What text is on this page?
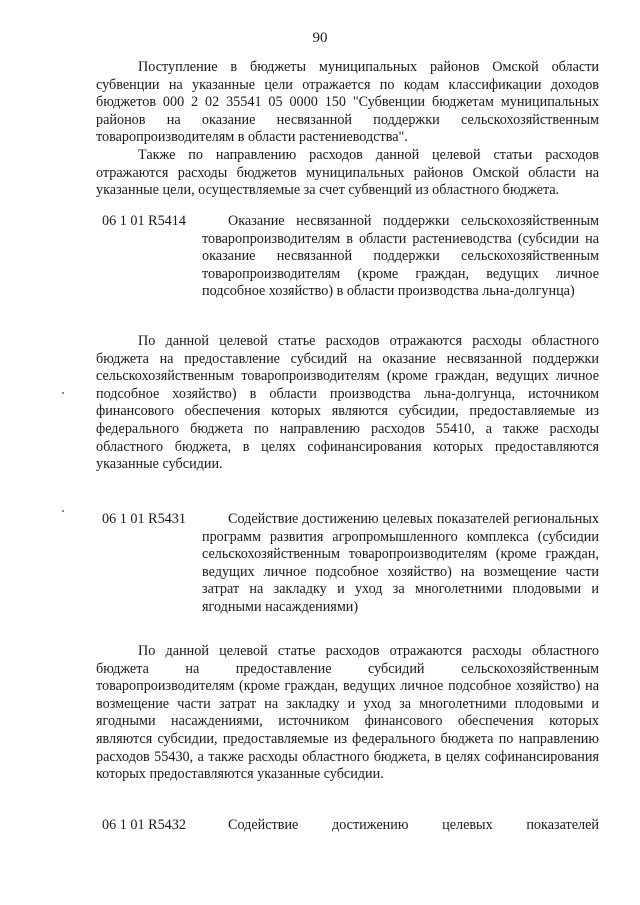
90

Поступление в бюджеты муниципальных районов Омской области субвенции на указанные цели отражается по кодам классификации доходов бюджетов 000 2 02 35541 05 0000 150 "Субвенции бюджетам муниципальных районов на оказание несвязанной поддержки сельскохозяйственным товаропроизводителям в области растениеводства".

Также по направлению расходов данной целевой статьи расходов отражаются расходы бюджетов муниципальных районов Омской области на указанные цели, осуществляемые за счет субвенций из областного бюджета.

06 1 01 R5414	Оказание несвязанной поддержки сельскохозяйственным товаропроизводителям в области растениеводства (субсидии на оказание несвязанной поддержки сельскохозяйственным товаропроизводителям (кроме граждан, ведущих личное подсобное хозяйство) в области производства льна-долгунца)

По данной целевой статье расходов отражаются расходы областного бюджета на предоставление субсидий на оказание несвязанной поддержки сельскохозяйственным товаропроизводителям (кроме граждан, ведущих личное подсобное хозяйство) в области производства льна-долгунца, источником финансового обеспечения которых являются субсидии, предоставляемые из федерального бюджета по направлению расходов 55410, а также расходы областного бюджета, в целях софинансирования которых предоставляются указанные субсидии.

06 1 01 R5431	Содействие достижению целевых показателей региональных программ развития агропромышленного комплекса (субсидии сельскохозяйственным товаропроизводителям (кроме граждан, ведущих личное подсобное хозяйство) на возмещение части затрат на закладку и уход за многолетними плодовыми и ягодными насаждениями)

По данной целевой статье расходов отражаются расходы областного бюджета на предоставление субсидий сельскохозяйственным товаропроизводителям (кроме граждан, ведущих личное подсобное хозяйство) на возмещение части затрат на закладку и уход за многолетними плодовыми и ягодными насаждениями, источником финансового обеспечения которых являются субсидии, предоставляемые из федерального бюджета по направлению расходов 55430, а также расходы областного бюджета, в целях софинансирования которых предоставляются указанные субсидии.

06 1 01 R5432	Содействие достижению целевых показателей
